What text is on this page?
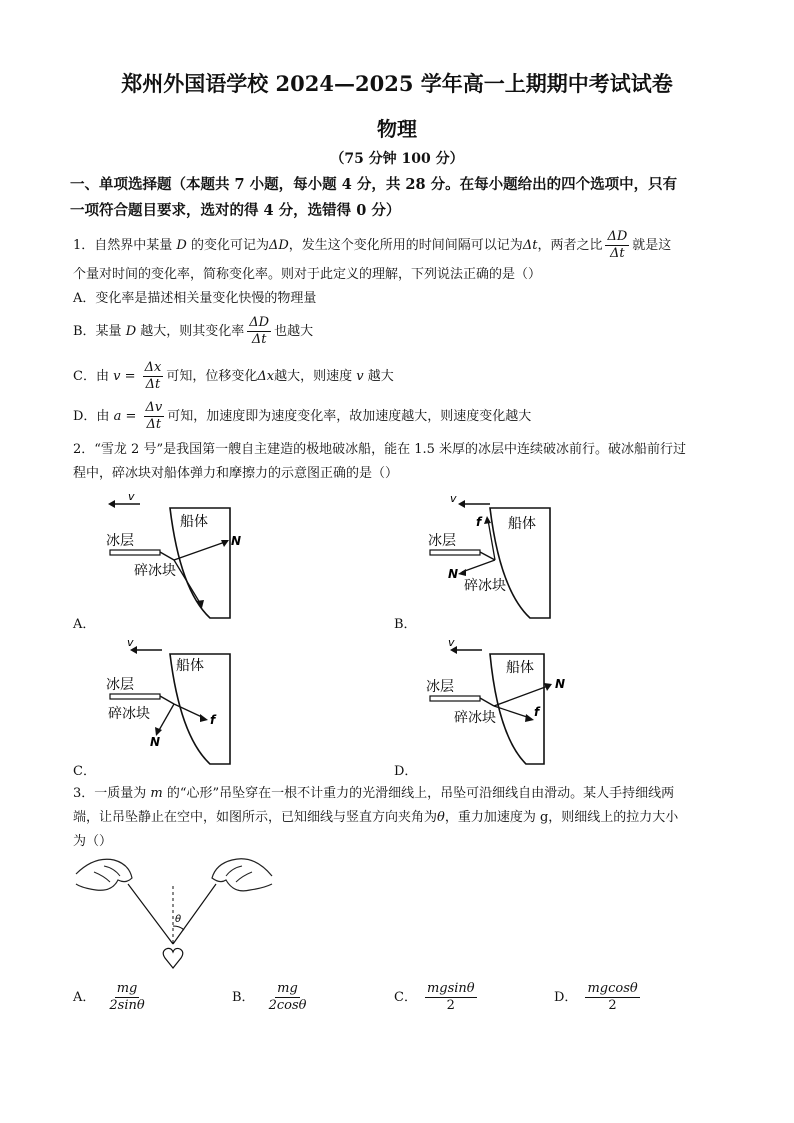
郑州外国语学校 2024—2025 学年高一上期期中考试试卷
物理
（75 分钟 100 分）
一、单项选择题（本题共 7 小题，每小题 4 分，共 28 分。在每小题给出的四个选项中，只有
一项符合题目要求，选对的得 4 分，选错得 0 分）
1．自然界中某量 D 的变化可记为ΔD，发生这个变化所用的时间间隔可以记为Δt，两者之比 $\frac{\Delta D}{\Delta t}$ 就是这
个量对时间的变化率，简称变化率。则对于此定义的理解，下列说法正确的是（）
A．变化率是描述相关量变化快慢的物理量
B．某量 D 越大，则其变化率 $\frac{\Delta D}{\Delta t}$ 也越大
C．由 $v = \frac{\Delta x}{\Delta t}$ 可知，位移变化Δx越大，则速度 v 越大
D．由 $a = \frac{\Delta v}{\Delta t}$ 可知，加速度即为速度变化率，故加速度越大，则速度变化越大
2．“雪龙 2 号”是我国第一艘自主建造的极地破冰船，能在 1.5 米厚的冰层中连续破冰前行。破冰船前行过
程中，碎冰块对船体弹力和摩擦力的示意图正确的是（）
v
船体
冰层	N
碎冰块
A．
v
船体
冰层
f
N
碎冰块
B．
v
船体
冰层
f
N
碎冰块
C．
v
船体
冰层	N
f
碎冰块
D．
3．一质量为 m 的“心形”吊坠穿在一根不计重力的光滑细线上，吊坠可沿细线自由滑动。某人手持细线两
端，让吊坠静止在空中，如图所示，已知细线与竖直方向夹角为θ，重力加速度为 g，则细线上的拉力大小
为（）
θ
A． $\frac{mg}{2\sin\theta}$	B． $\frac{mg}{2\cos\theta}$	C． $\frac{mgsin\theta}{2}$	D． $\frac{mgcos\theta}{2}$
